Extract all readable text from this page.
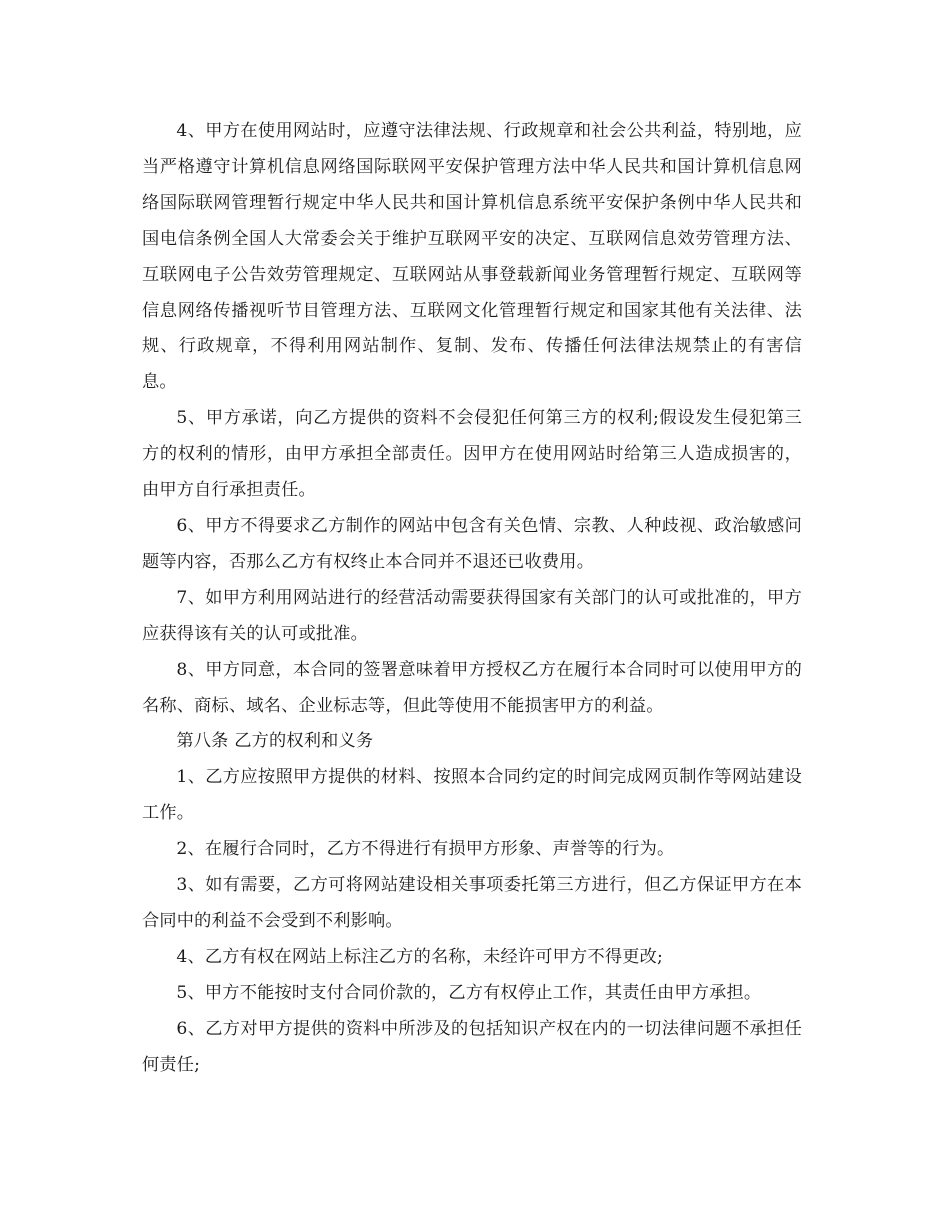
4、甲方在使用网站时，应遵守法律法规、行政规章和社会公共利益，特别地，应当严格遵守计算机信息网络国际联网平安保护管理方法中华人民共和国计算机信息网络国际联网管理暂行规定中华人民共和国计算机信息系统平安保护条例中华人民共和国电信条例全国人大常委会关于维护互联网平安的决定、互联网信息效劳管理方法、互联网电子公告效劳管理规定、互联网站从事登载新闻业务管理暂行规定、互联网等信息网络传播视听节目管理方法、互联网文化管理暂行规定和国家其他有关法律、法规、行政规章，不得利用网站制作、复制、发布、传播任何法律法规禁止的有害信息。

5、甲方承诺，向乙方提供的资料不会侵犯任何第三方的权利;假设发生侵犯第三方的权利的情形，由甲方承担全部责任。因甲方在使用网站时给第三人造成损害的，由甲方自行承担责任。

6、甲方不得要求乙方制作的网站中包含有关色情、宗教、人种歧视、政治敏感问题等内容，否那么乙方有权终止本合同并不退还已收费用。

7、如甲方利用网站进行的经营活动需要获得国家有关部门的认可或批准的，甲方应获得该有关的认可或批准。

8、甲方同意，本合同的签署意味着甲方授权乙方在履行本合同时可以使用甲方的名称、商标、域名、企业标志等，但此等使用不能损害甲方的利益。

第八条 乙方的权利和义务

1、乙方应按照甲方提供的材料、按照本合同约定的时间完成网页制作等网站建设工作。

2、在履行合同时，乙方不得进行有损甲方形象、声誉等的行为。

3、如有需要，乙方可将网站建设相关事项委托第三方进行，但乙方保证甲方在本合同中的利益不会受到不利影响。

4、乙方有权在网站上标注乙方的名称，未经许可甲方不得更改;

5、甲方不能按时支付合同价款的，乙方有权停止工作，其责任由甲方承担。

6、乙方对甲方提供的资料中所涉及的包括知识产权在内的一切法律问题不承担任何责任;
